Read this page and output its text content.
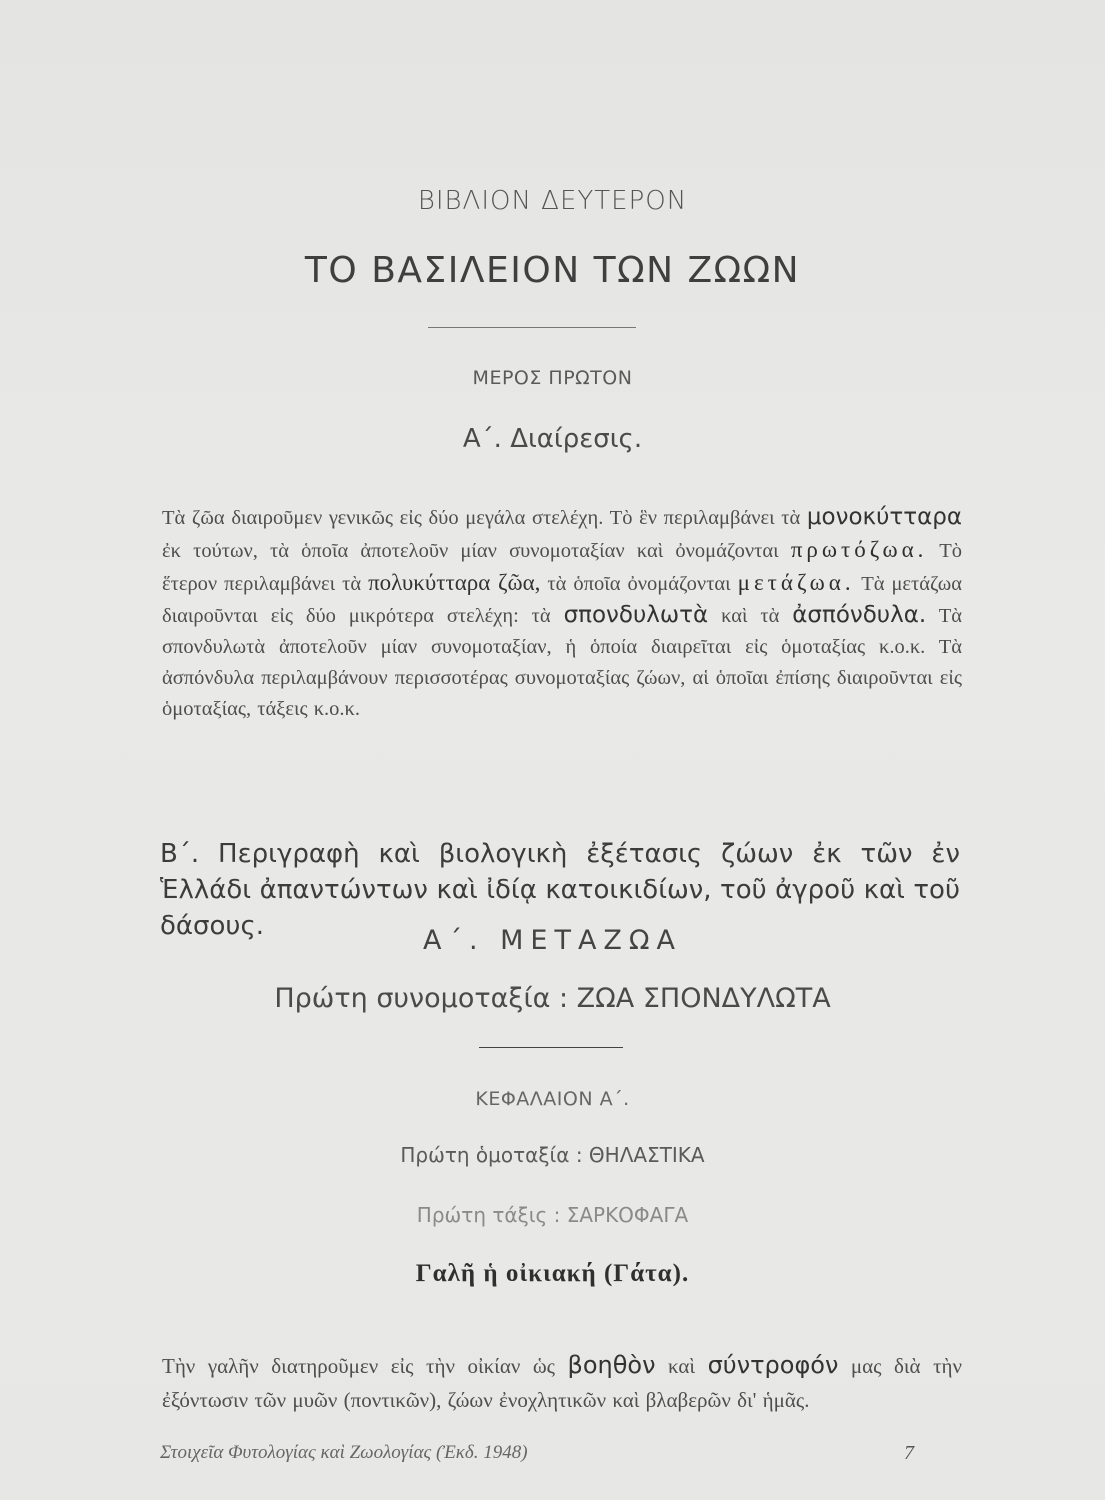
ΒΙΒΛΙΟΝ ΔΕΥΤΕΡΟΝ
ΤΟ ΒΑΣΙΛΕΙΟΝ ΤΩΝ ΖΩΩΝ
ΜΕΡΟΣ ΠΡΩΤΟΝ
Α΄. Διαίρεσις.

Τὰ ζῶα διαιροῦμεν γενικῶς εἰς δύο μεγάλα στελέχη. Τὸ ἓν περιλαμβάνει τὰ μονοκύτταρα ἐκ τούτων, τὰ ὁποῖα ἀποτελοῦν μίαν συνομοταξίαν καὶ ὀνομάζονται πρωτόζωα. Τὸ ἕτερον περιλαμβάνει τὰ πολυκύτταρα ζῶα, τὰ ὁποῖα ὀνομάζονται μετάζωα. Τὰ μετάζωα διαιροῦνται εἰς δύο μικρότερα στελέχη: τὰ σπονδυλωτὰ καὶ τὰ ἀσπόνδυλα. Τὰ σπονδυλωτὰ ἀποτελοῦν μίαν συνομοταξίαν, ἡ ὁποία διαιρεῖται εἰς ὁμοταξίας κ.ο.κ. Τὰ ἀσπόνδυλα περιλαμβάνουν περισσοτέρας συνομοταξίας ζώων, αἱ ὁποῖαι ἐπίσης διαιροῦνται εἰς ὁμοταξίας, τάξεις κ.ο.κ.

Β΄. Περιγραφὴ καὶ βιολογικὴ ἐξέτασις ζώων ἐκ τῶν ἐν Ἑλλάδι ἀπαντώντων καὶ ἰδίᾳ κατοικιδίων, τοῦ ἀγροῦ καὶ τοῦ δάσους.	Α΄. ΜΕΤΑΖΩΑ
Πρώτη συνομοταξία : ΖΩΑ ΣΠΟΝΔΥΛΩΤΑ
ΚΕΦΑΛΑΙΟΝ Α΄.
Πρώτη ὁμοταξία : ΘΗΛΑΣΤΙΚΑ
Πρώτη τάξις : ΣΑΡΚΟΦΑΓΑ
Γαλῆ ἡ οἰκιακή (Γάτα).

Τὴν γαλῆν διατηροῦμεν εἰς τὴν οἰκίαν ὡς βοηθὸν καὶ σύντροφόν μας διὰ τὴν ἐξόντωσιν τῶν μυῶν (ποντικῶν), ζώων ἐνοχλητικῶν καὶ βλαβερῶν δι' ἡμᾶς.

Στοιχεῖα Φυτολογίας καὶ Ζωολογίας (Ἐκδ. 1948)	7
